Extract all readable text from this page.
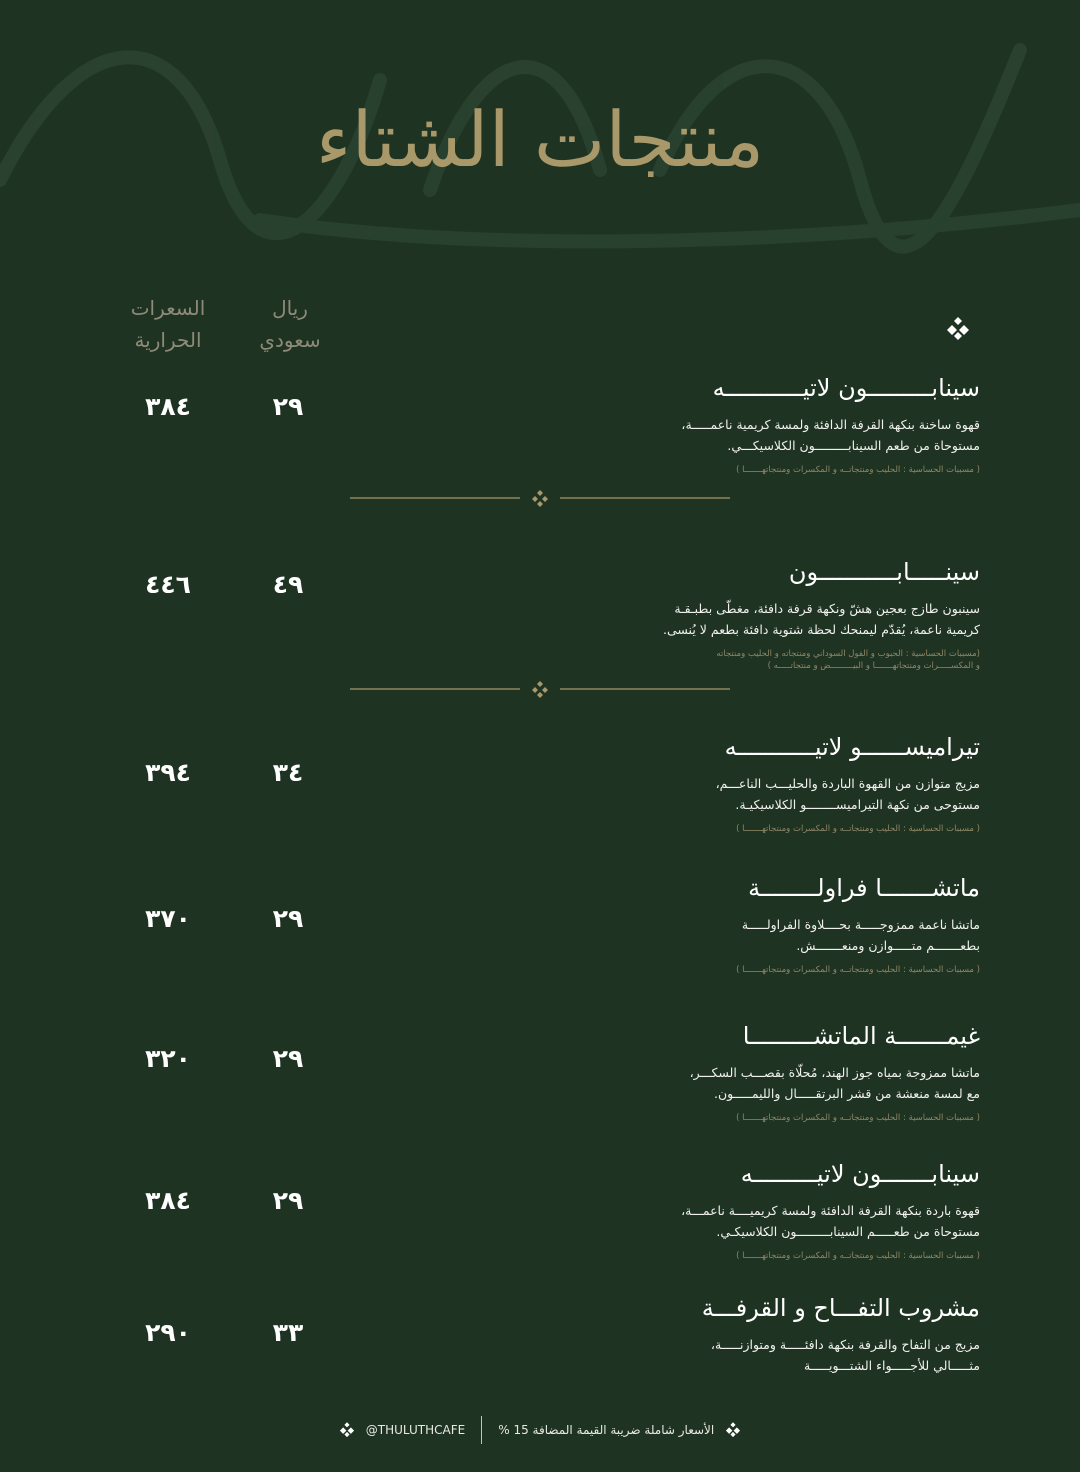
منتجات الشتاء
ريال
سعودي
السعرات
الحرارية
سينابـــــــــون لاتيـــــــــــه
قهوة ساخنة بنكهة القرفة الدافئة ولمسة كريمية ناعمـــــة،
مستوحاة من طعم السينابـــــــــون الكلاسيكـــي.
( مسببات الحساسية : الحليب ومنتجاتــه و المكسرات ومنتجاتهـــــــا )
٢٩
٣٨٤
سينـــــابـــــــــــون
سينبون طازج بعجين هشّ ونكهة قرفة دافئة، مغطّى بطبـقـة
كريمية ناعمة، يُقدّم ليمنحك لحظة شتوية دافئة بطعم لا يُنسى.
(مسببات الحساسية : الحبوب و الفول السوداني ومنتجاته و الحليب ومنتجاته
و المكســـــرات ومنتجاتهـــــــا و البيـــــــــض و منتجاتـــــه )
٤٩
٤٤٦
تيراميســــــو لاتيـــــــــــه
مزيج متوازن من القهوة الباردة والحليـــب الناعـــم،
مستوحى من نكهة التيراميســــــــو الكلاسيكيـة.
( مسببات الحساسية : الحليب ومنتجاتــه و المكسرات ومنتجاتهـــــــا )
٣٤
٣٩٤
ماتشـــــــا فراولــــــــة
ماتشا ناعمة ممزوجـــــة بحــــلاوة الفراولـــــة
بطعـــــــم متـــــوازن ومنعـــــــش.
( مسببات الحساسية : الحليب ومنتجاتــه و المكسرات ومنتجاتهـــــــا )
٢٩
٣٧٠
غيمـــــــة الماتشـــــــــا
ماتشا ممزوجة بمياه جوز الهند، مُحلّاة بقصـــب السكـــر،
مع لمسة منعشة من قشر البرتقـــــال والليمـــــون.
( مسببات الحساسية : الحليب ومنتجاتــه و المكسرات ومنتجاتهـــــــا )
٢٩
٣٢٠
سينابـــــــون لاتيـــــــــه
قهوة باردة بنكهة القرفة الدافئة ولمسة كريميــــة ناعمـــة،
مستوحاة من طعـــــم السينابـــــــــون الكلاسيكـي.
( مسببات الحساسية : الحليب ومنتجاتــه و المكسرات ومنتجاتهـــــــا )
٢٩
٣٨٤
مشروب التفـــاح و القرفـــة
مزيج من التفاح والقرفة بنكهة دافئـــــة ومتوازنـــــة،
مثـــــالي للأجـــــواء الشتـــويـــــة
٣٣
٢٩٠
الأسعار شاملة ضريبة القيمة المضافة 15 %
@THULUTHCAFE
